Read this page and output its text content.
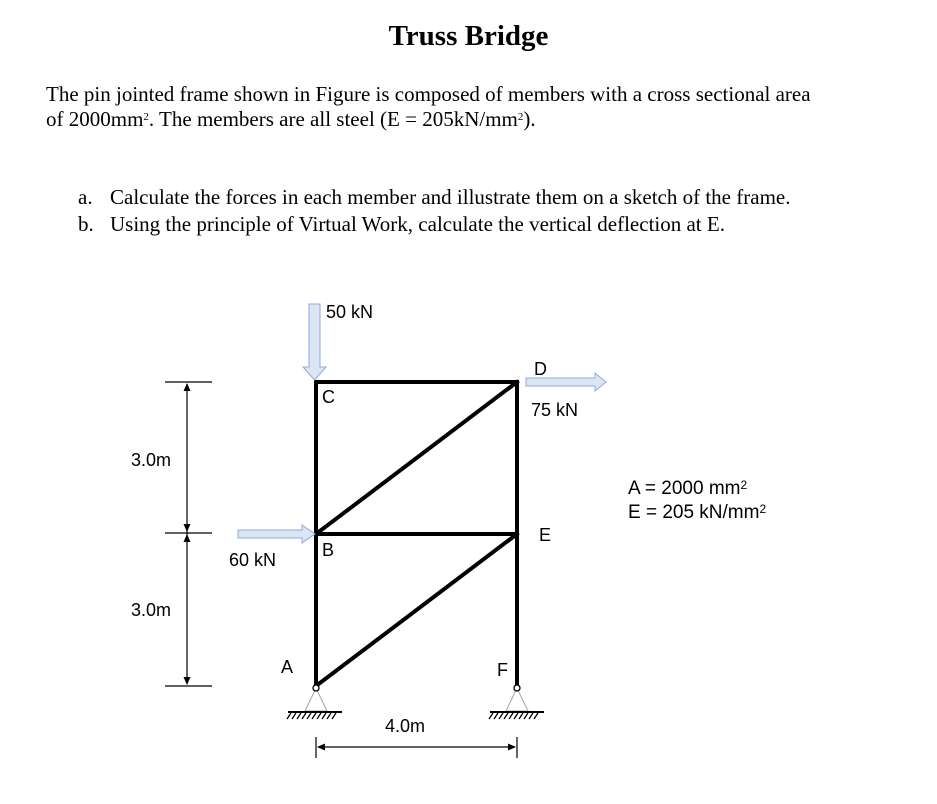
Truss Bridge
The pin jointed frame shown in Figure is composed of members with a cross sectional area
of $2000mm^2$. The members are all steel $(E = 205kN/mm^2)$.
a. Calculate the forces in each member and illustrate them on a sketch of the frame.
b. Using the principle of Virtual Work, calculate the vertical deflection at E.
A
B
C
D
E
F
50 kN
75 kN
60 kN
3.0m
3.0m
4.0m
A = 2000 $mm^2$
E = 205 $kN/mm^2$
